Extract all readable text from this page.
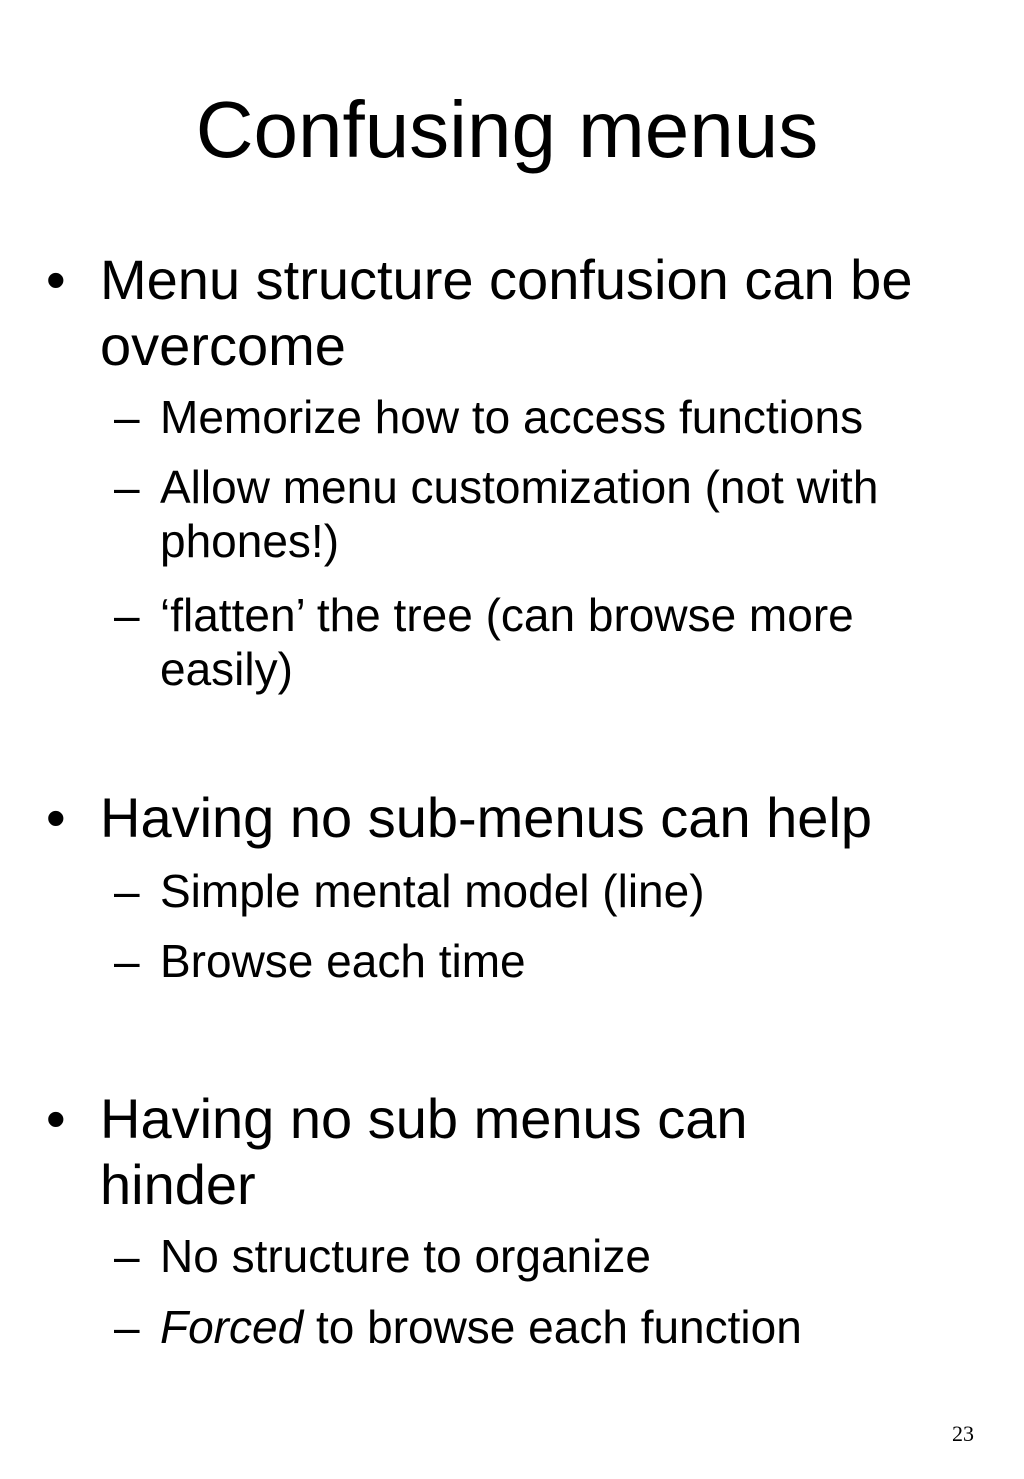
Confusing menus
• Menu structure confusion can be overcome
– Memorize how to access functions
– Allow menu customization (not with phones!)
– ‘flatten’ the tree (can browse more easily)
• Having no sub-menus can help
– Simple mental model (line)
– Browse each time
• Having no sub menus can hinder
– No structure to organize
– Forced to browse each function
23
